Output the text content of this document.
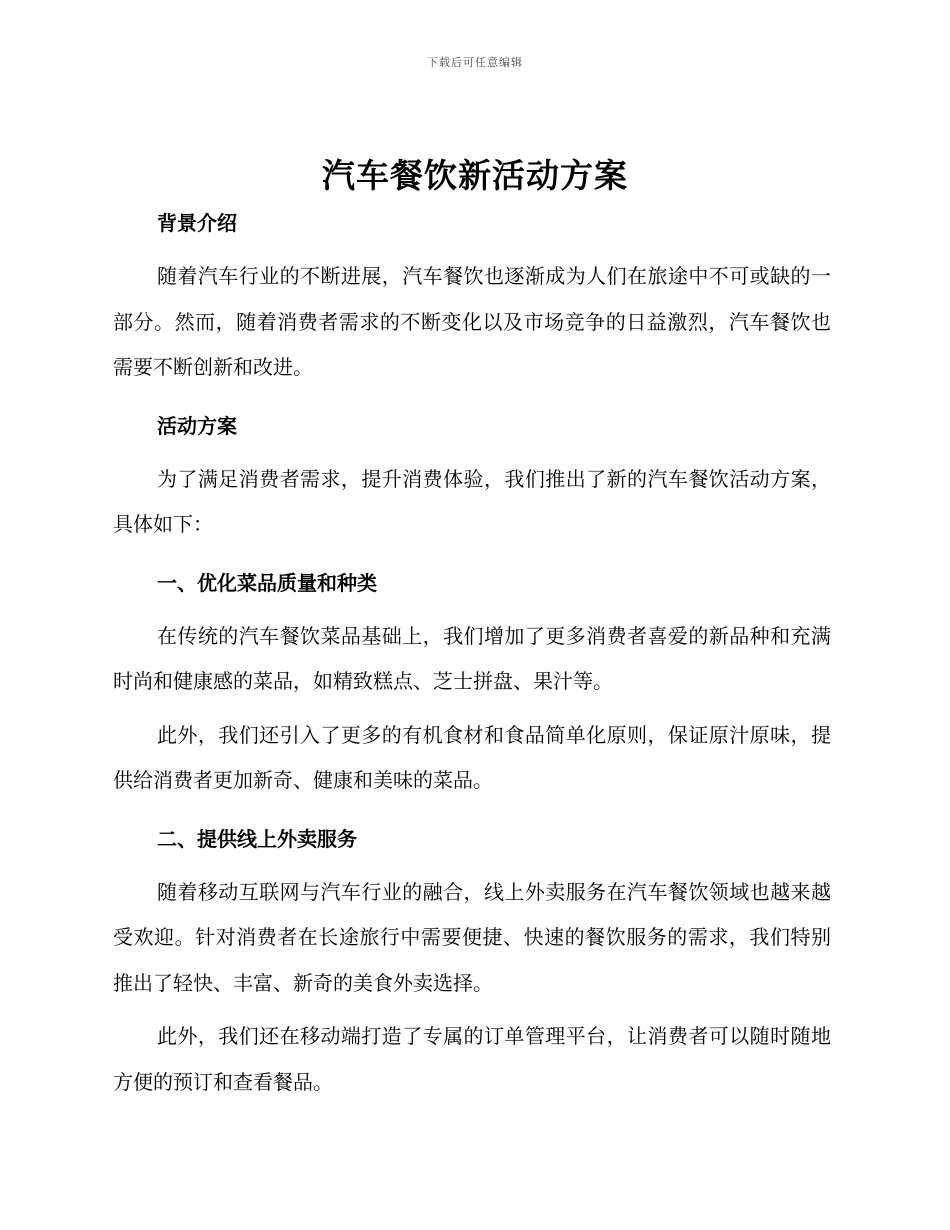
下载后可任意编辑
汽车餐饮新活动方案
背景介绍

随着汽车行业的不断进展，汽车餐饮也逐渐成为人们在旅途中不可或缺的一部分。然而，随着消费者需求的不断变化以及市场竞争的日益激烈，汽车餐饮也需要不断创新和改进。

活动方案

为了满足消费者需求，提升消费体验，我们推出了新的汽车餐饮活动方案，具体如下：

一、优化菜品质量和种类

在传统的汽车餐饮菜品基础上，我们增加了更多消费者喜爱的新品种和充满时尚和健康感的菜品，如精致糕点、芝士拼盘、果汁等。

此外，我们还引入了更多的有机食材和食品简单化原则，保证原汁原味，提供给消费者更加新奇、健康和美味的菜品。

二、提供线上外卖服务

随着移动互联网与汽车行业的融合，线上外卖服务在汽车餐饮领域也越来越受欢迎。针对消费者在长途旅行中需要便捷、快速的餐饮服务的需求，我们特别推出了轻快、丰富、新奇的美食外卖选择。

此外，我们还在移动端打造了专属的订单管理平台，让消费者可以随时随地方便的预订和查看餐品。
